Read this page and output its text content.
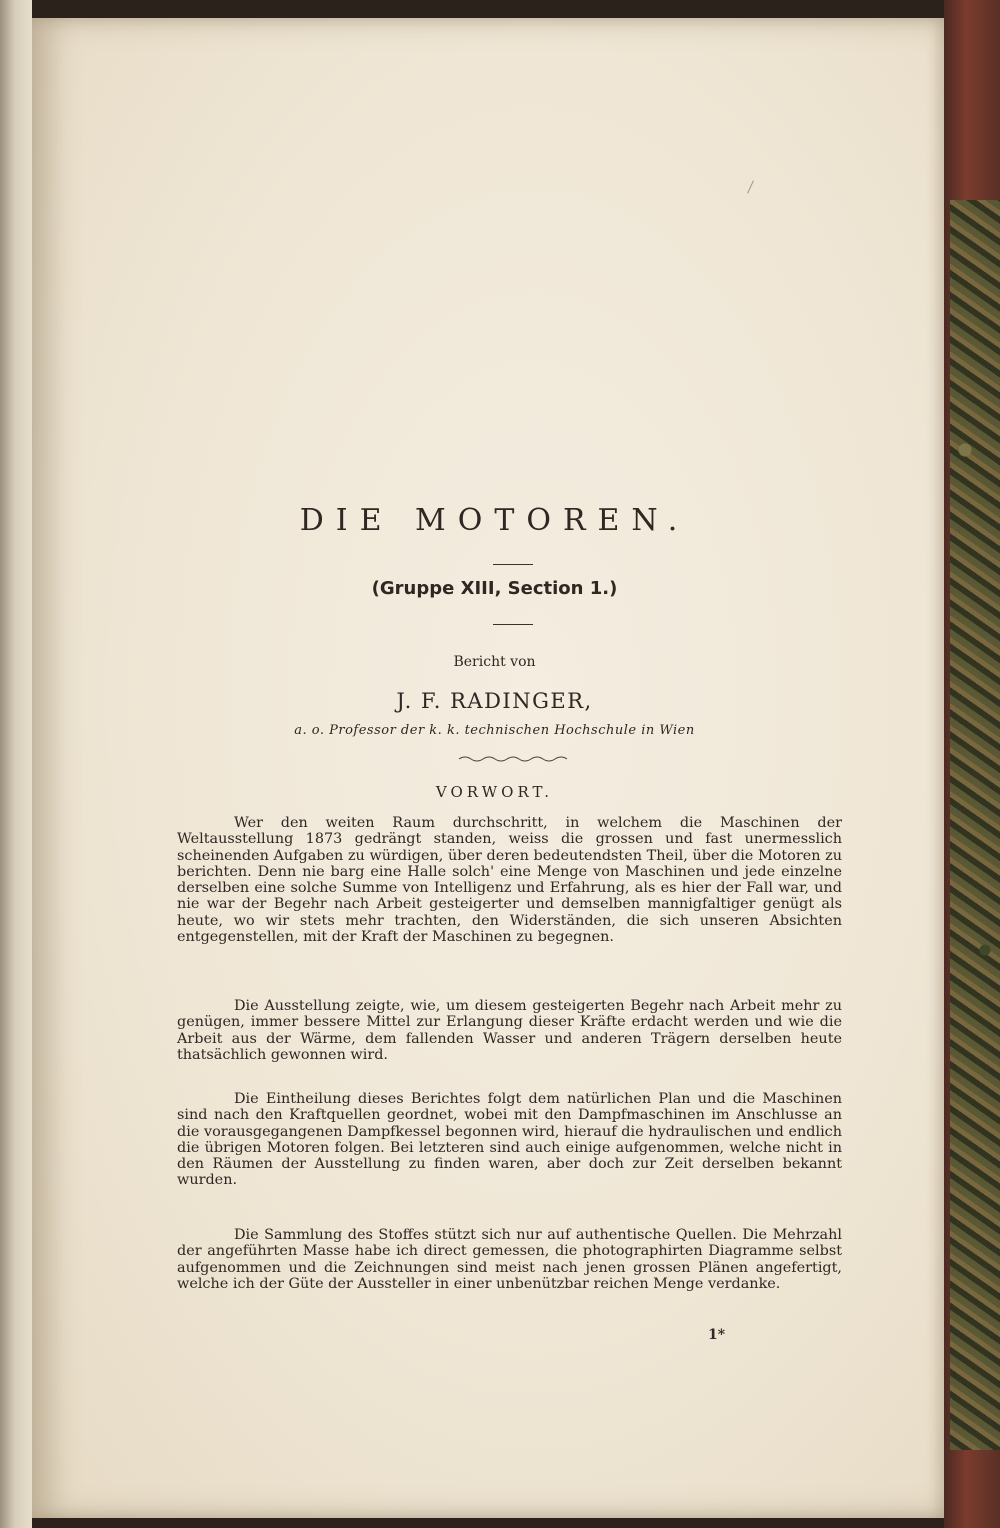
DIE MOTOREN.
(Gruppe XIII, Section 1.)
Bericht von
J. F. RADINGER,
a. o. Professor der k. k. technischen Hochschule in Wien
VORWORT.

Wer den weiten Raum durchschritt, in welchem die Maschinen der Weltausstellung 1873 gedrängt standen, weiss die grossen und fast unermesslich scheinenden Aufgaben zu würdigen, über deren bedeutendsten Theil, über die Motoren zu berichten. Denn nie barg eine Halle solch' eine Menge von Maschinen und jede einzelne derselben eine solche Summe von Intelligenz und Erfahrung, als es hier der Fall war, und nie war der Begehr nach Arbeit gesteigerter und demselben mannigfaltiger genügt als heute, wo wir stets mehr trachten, den Widerständen, die sich unseren Absichten entgegenstellen, mit der Kraft der Maschinen zu begegnen.

Die Ausstellung zeigte, wie, um diesem gesteigerten Begehr nach Arbeit mehr zu genügen, immer bessere Mittel zur Erlangung dieser Kräfte erdacht werden und wie die Arbeit aus der Wärme, dem fallenden Wasser und anderen Trägern derselben heute thatsächlich gewonnen wird.

Die Eintheilung dieses Berichtes folgt dem natürlichen Plan und die Maschinen sind nach den Kraftquellen geordnet, wobei mit den Dampfmaschinen im Anschlusse an die vorausgegangenen Dampfkessel begonnen wird, hierauf die hydraulischen und endlich die übrigen Motoren folgen. Bei letzteren sind auch einige aufgenommen, welche nicht in den Räumen der Ausstellung zu finden waren, aber doch zur Zeit derselben bekannt wurden.

Die Sammlung des Stoffes stützt sich nur auf authentische Quellen. Die Mehrzahl der angeführten Masse habe ich direct gemessen, die photographirten Diagramme selbst aufgenommen und die Zeichnungen sind meist nach jenen grossen Plänen angefertigt, welche ich der Güte der Aussteller in einer unbenützbar reichen Menge verdanke.

1*
